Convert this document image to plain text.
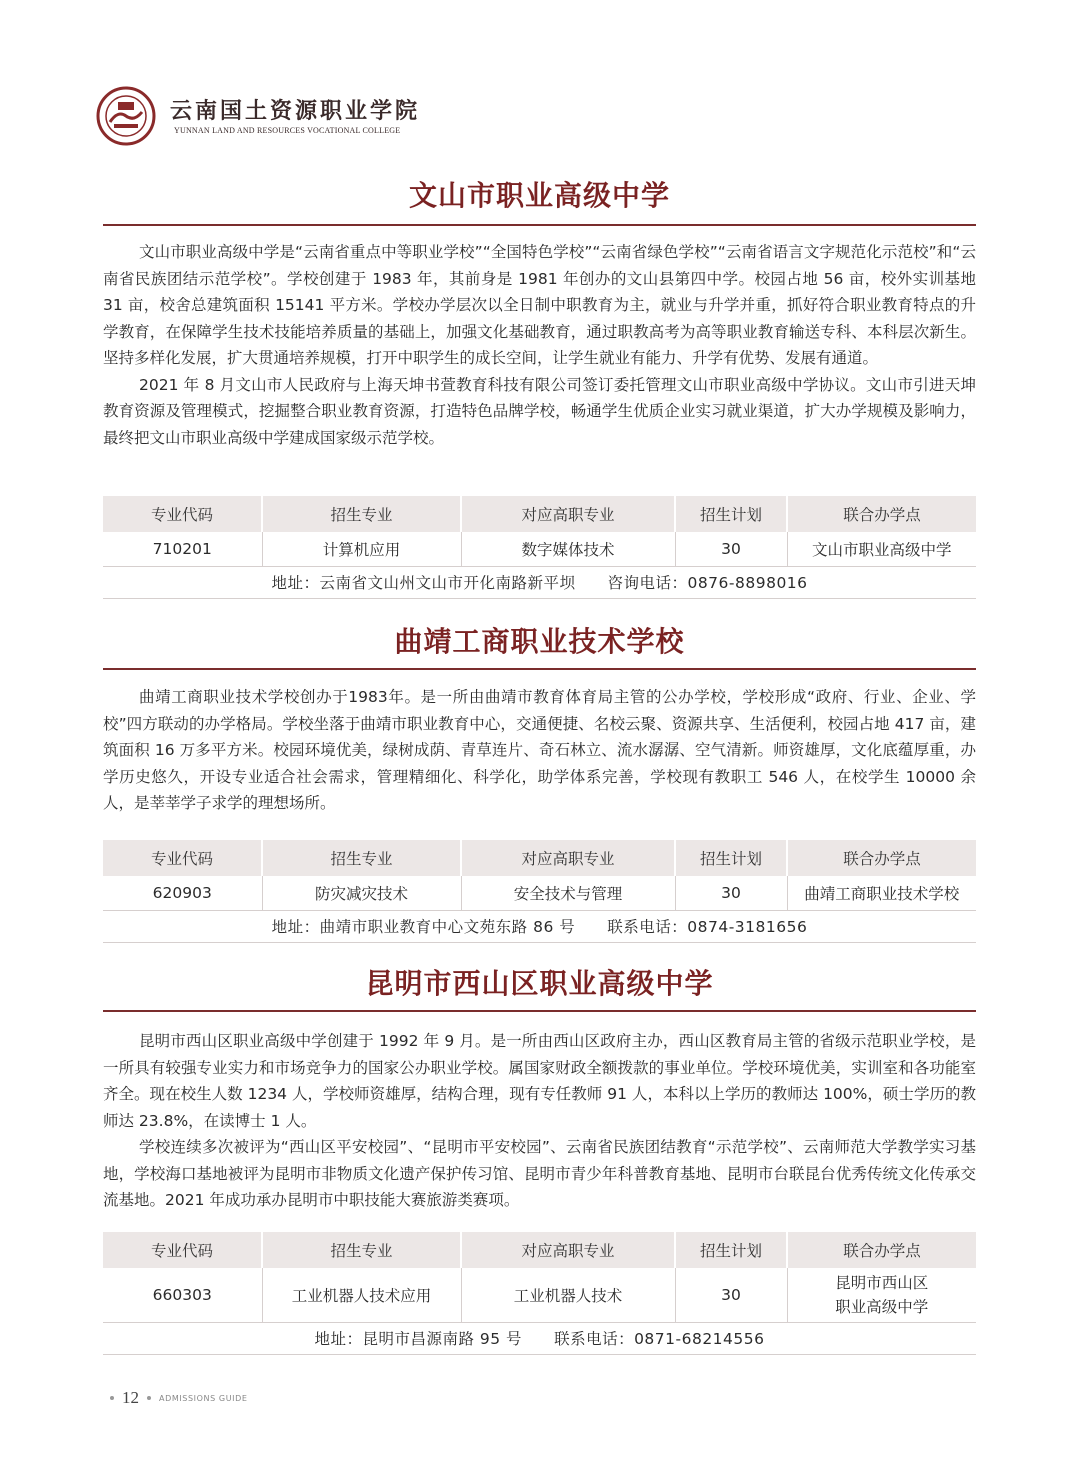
云南国土资源职业学院
YUNNAN LAND AND RESOURCES VOCATIONAL COLLEGE
文山市职业高级中学

文山市职业高级中学是“云南省重点中等职业学校”“全国特色学校”“云南省绿色学校”“云南省语言文字规范化示范校”和“云南省民族团结示范学校”。学校创建于 1983 年，其前身是 1981 年创办的文山县第四中学。校园占地 56 亩，校外实训基地 31 亩，校舍总建筑面积 15141 平方米。学校办学层次以全日制中职教育为主，就业与升学并重，抓好符合职业教育特点的升学教育，在保障学生技术技能培养质量的基础上，加强文化基础教育，通过职教高考为高等职业教育输送专科、本科层次新生。坚持多样化发展，扩大贯通培养规模，打开中职学生的成长空间，让学生就业有能力、升学有优势、发展有通道。

2021 年 8 月文山市人民政府与上海天坤书萱教育科技有限公司签订委托管理文山市职业高级中学协议。文山市引进天坤教育资源及管理模式，挖掘整合职业教育资源，打造特色品牌学校，畅通学生优质企业实习就业渠道，扩大办学规模及影响力，最终把文山市职业高级中学建成国家级示范学校。

专业代码	招生专业	对应高职专业	招生计划	联合办学点
710201	计算机应用	数字媒体技术	30	文山市职业高级中学
地址：云南省文山州文山市开化南路新平坝　　咨询电话：0876-8898016				
曲靖工商职业技术学校

曲靖工商职业技术学校创办于1983年。是一所由曲靖市教育体育局主管的公办学校，学校形成“政府、行业、企业、学校”四方联动的办学格局。学校坐落于曲靖市职业教育中心，交通便捷、名校云聚、资源共享、生活便利，校园占地 417 亩，建筑面积 16 万多平方米。校园环境优美，绿树成荫、青草连片、奇石林立、流水潺潺、空气清新。师资雄厚，文化底蕴厚重，办学历史悠久，开设专业适合社会需求，管理精细化、科学化，助学体系完善，学校现有教职工 546 人，在校学生 10000 余人，是莘莘学子求学的理想场所。

专业代码	招生专业	对应高职专业	招生计划	联合办学点
620903	防灾减灾技术	安全技术与管理	30	曲靖工商职业技术学校
地址：曲靖市职业教育中心文苑东路 86 号　　联系电话：0874-3181656				
昆明市西山区职业高级中学

昆明市西山区职业高级中学创建于 1992 年 9 月。是一所由西山区政府主办，西山区教育局主管的省级示范职业学校，是一所具有较强专业实力和市场竞争力的国家公办职业学校。属国家财政全额拨款的事业单位。学校环境优美，实训室和各功能室齐全。现在校生人数 1234 人，学校师资雄厚，结构合理，现有专任教师 91 人，本科以上学历的教师达 100%，硕士学历的教师达 23.8%，在读博士 1 人。

学校连续多次被评为“西山区平安校园”、“昆明市平安校园”、云南省民族团结教育“示范学校”、云南师范大学教学实习基地，学校海口基地被评为昆明市非物质文化遗产保护传习馆、昆明市青少年科普教育基地、昆明市台联昆台优秀传统文化传承交流基地。2021 年成功承办昆明市中职技能大赛旅游类赛项。

专业代码	招生专业	对应高职专业	招生计划	联合办学点
660303	工业机器人技术应用	工业机器人技术	30	昆明市西山区
职业高级中学

地址：昆明市昌源南路 95 号　　联系电话：0871-68214556				
12	ADMISSIONS GUIDE
